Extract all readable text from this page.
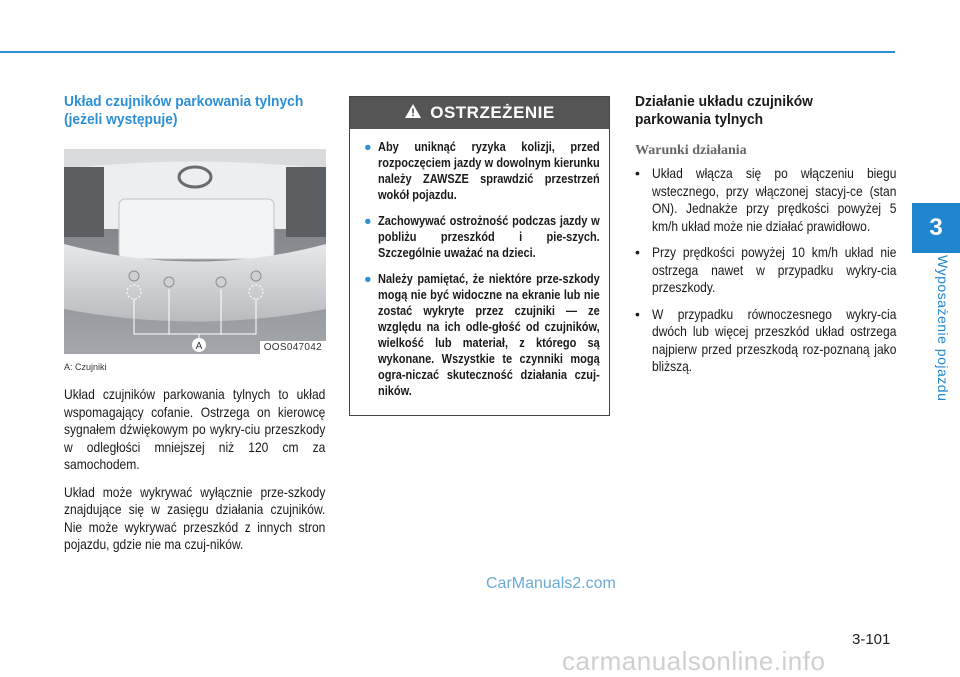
3
Wyposażenie pojazdu

Układ czujników parkowania tylnych
(jeżeli występuje)

A	OOS047042
A: Czujniki

Układ czujników parkowania tylnych to układ wspomagający cofanie. Ostrzega on kierowcę sygnałem dźwiękowym po wykry-ciu przeszkody w odległości mniejszej niż 120 cm za samochodem.

Układ może wykrywać wyłącznie prze-szkody znajdujące się w zasięgu działania czujników. Nie może wykrywać przeszkód z innych stron pojazdu, gdzie nie ma czuj-ników.

OSTRZEŻENIE
● Aby uniknąć ryzyka kolizji, przed rozpoczęciem jazdy w dowolnym kierunku należy ZAWSZE sprawdzić przestrzeń wokół pojazdu.
● Zachowywać ostrożność podczas jazdy w pobliżu przeszkód i pie-szych. Szczególnie uważać na dzieci.
● Należy pamiętać, że niektóre prze-szkody mogą nie być widoczne na ekranie lub nie zostać wykryte przez czujniki — ze względu na ich odle-głość od czujników, wielkość lub materiał, z którego są wykonane. Wszystkie te czynniki mogą ogra-niczać skuteczność działania czuj-ników.

Działanie układu czujników
parkowania tylnych

Warunki działania
• Układ włącza się po włączeniu biegu wstecznego, przy włączonej stacyj-ce (stan ON). Jednakże przy prędkości powyżej 5 km/h układ może nie działać prawidłowo.
• Przy prędkości powyżej 10 km/h układ nie ostrzega nawet w przypadku wykry-cia przeszkody.
• W przypadku równoczesnego wykry-cia dwóch lub więcej przeszkód układ ostrzega najpierw przed przeszkodą roz-poznaną jako bliższą.
CarManuals2.com
3-101
carmanualsonline.info
